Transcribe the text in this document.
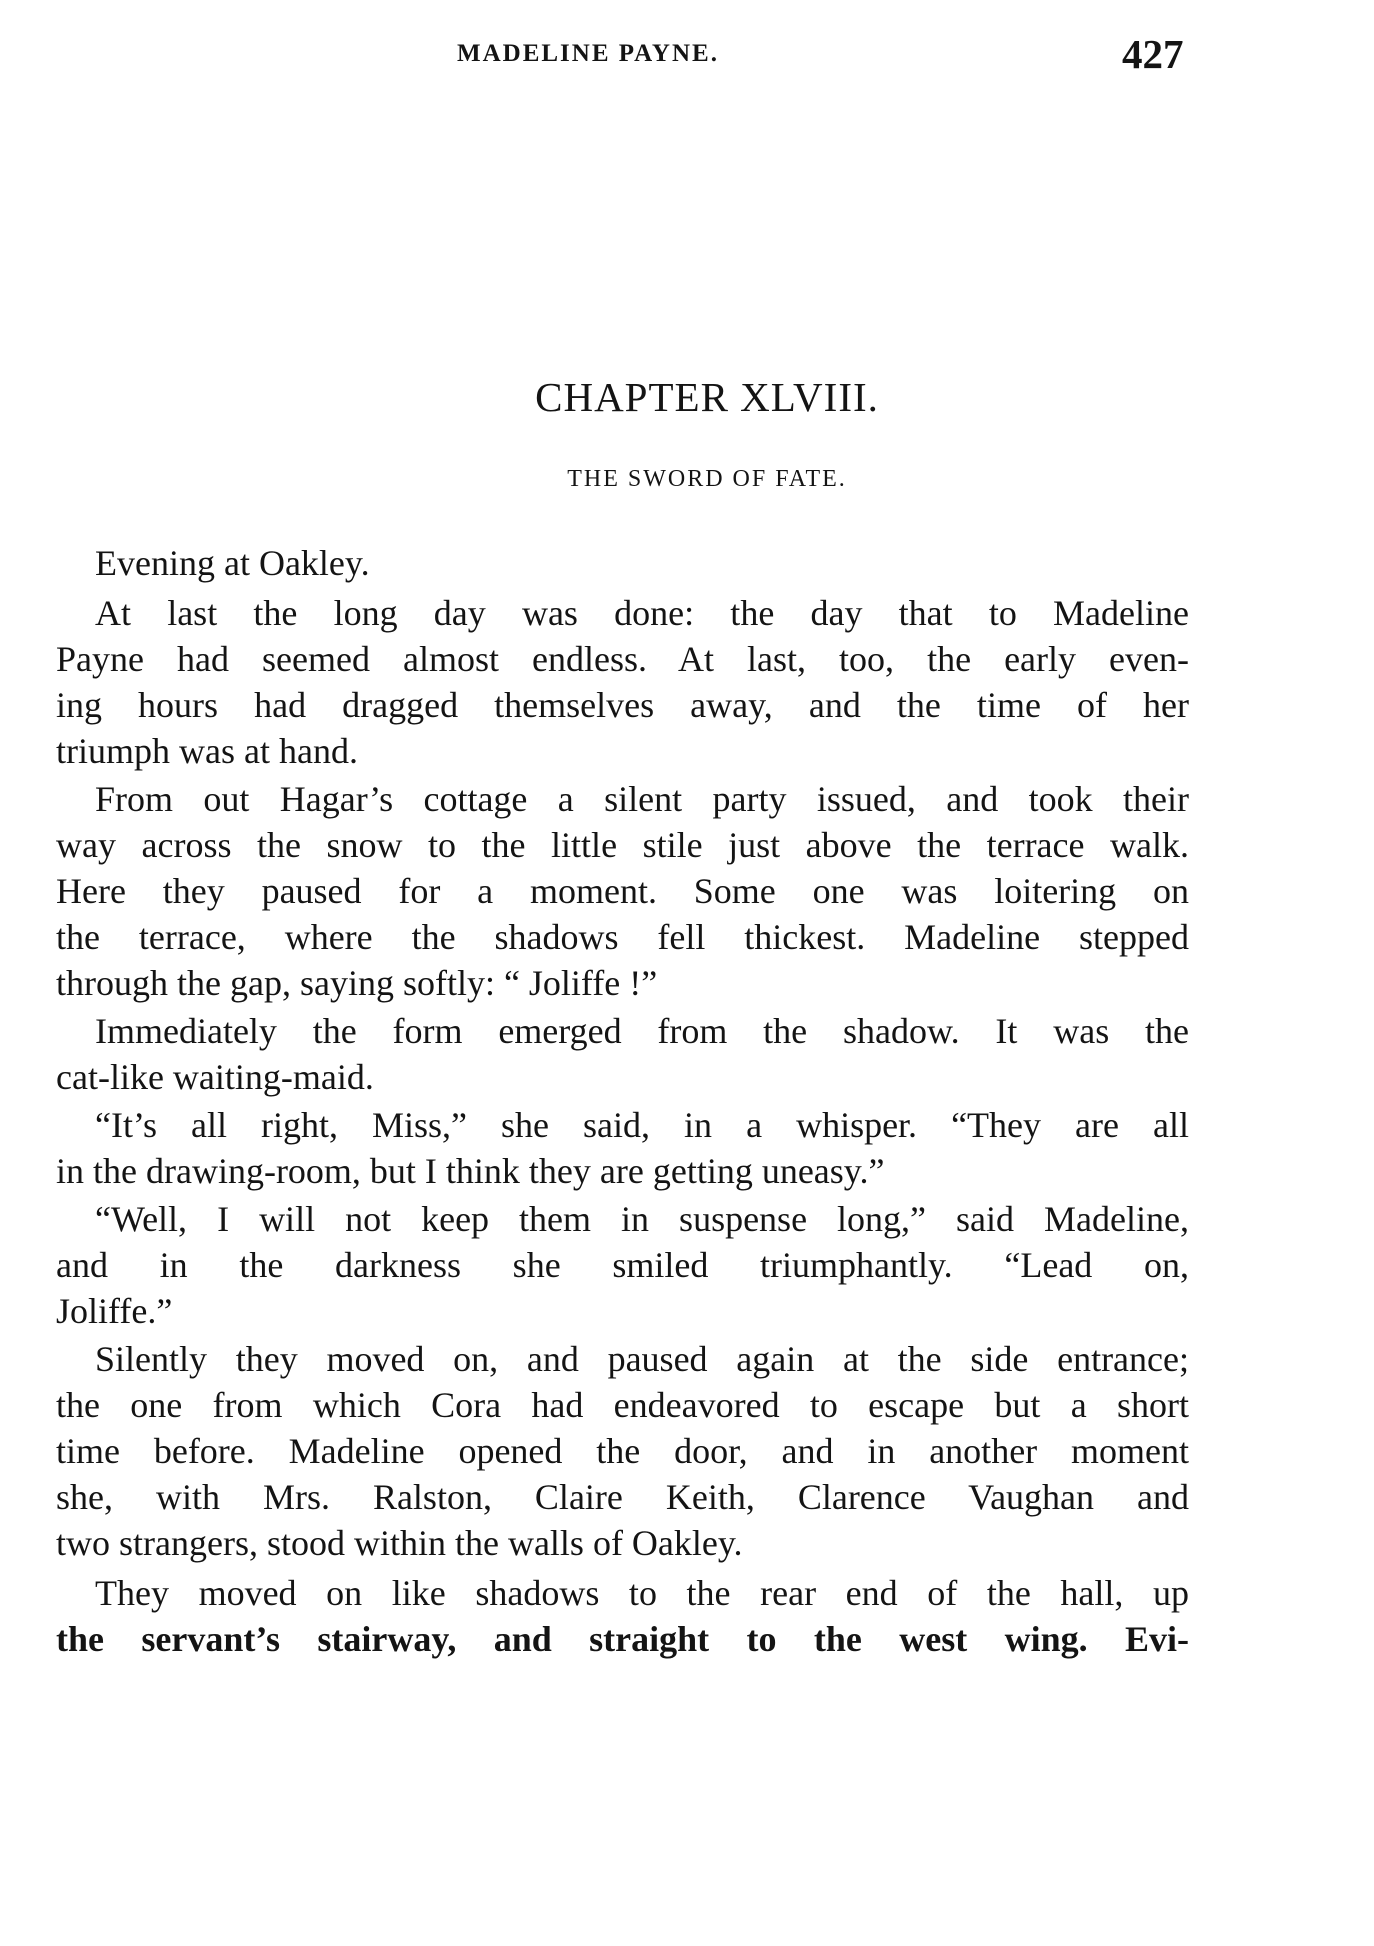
MADELINE PAYNE.	427
CHAPTER XLVIII.
THE SWORD OF FATE.
Evening at Oakley.
At last the long day was done: the day that to Madeline
Payne had seemed almost endless. At last, too, the early even-
ing hours had dragged themselves away, and the time of her
triumph was at hand.
From out Hagar’s cottage a silent party issued, and took their
way across the snow to the little stile just above the terrace walk.
Here they paused for a moment. Some one was loitering on
the terrace, where the shadows fell thickest. Madeline stepped
through the gap, saying softly: “ Joliffe !”
Immediately the form emerged from the shadow. It was the
cat-like waiting-maid.
“It’s all right, Miss,” she said, in a whisper. “They are all
in the drawing-room, but I think they are getting uneasy.”
“Well, I will not keep them in suspense long,” said Madeline,
and in the darkness she smiled triumphantly. “Lead on,
Joliffe.”
Silently they moved on, and paused again at the side entrance;
the one from which Cora had endeavored to escape but a short
time before. Madeline opened the door, and in another moment
she, with Mrs. Ralston, Claire Keith, Clarence Vaughan and
two strangers, stood within the walls of Oakley.
They moved on like shadows to the rear end of the hall, up
the servant’s stairway, and straight to the west wing. Evi-
